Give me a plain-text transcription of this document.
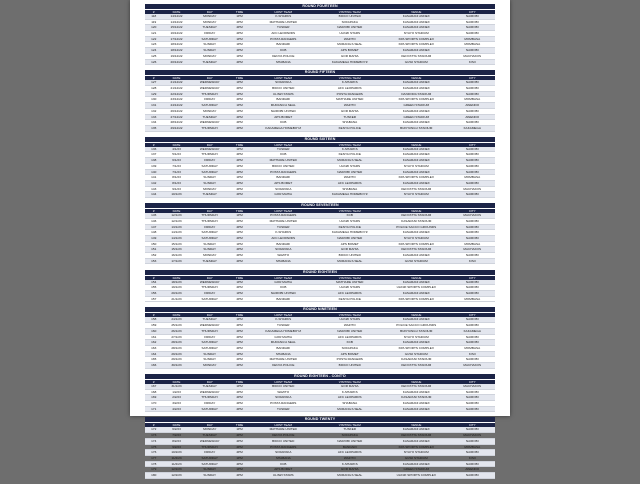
ROUND FOURTEEN
#	DATE	DAY	TIME	HOST TEAM	VISITING TEAM	VENUE	CITY
118	14/12/22	MONDAY	1PM	K-SHARKS	BIDCO UNITED	KASARANI ANNEX	NAIROBI
119	14/12/22	MONDAY	4PM	MATHARE UNITED	SOFAPAKA	KASARANI ANNEX	NAIROBI
120	15/12/22	TUESDAY	4PM	TUSKER	NAIROBI UNITED	KASARANI ANNEX	NAIROBI
121	16/12/22	FRIDAY	4PM	AFC LEOPARDS	ULINZI STARS	NYAYO STADIUM	NAIROBI
122	17/12/22	SATURDAY	1PM	POSTA RANGERS	WAZITO	KPA SPORTS COMPLEX	MOMBASA
123	18/12/22	SUNDAY	1PM	BANDARI	MURANG'A SEAL	KPA SPORTS COMPLEX	MOMBASA
124	18/12/22	SUNDAY	4PM	KCB	APS BOMET	KASARANI ANNEX	NAIROBI
125	19/12/22	MONDAY	1PM	KENYA POLICE	GOR MAHIA	KENYATTA STADIUM	MACHAKOS
126	20/12/22	TUESDAY	4PM	SHABANA	KAKAMEGA HOMEBOYZ	GUSII STADIUM	KISII
ROUND FIFTEEN
#	DATE	DAY	TIME	HOST TEAM	VISITING TEAM	VENUE	CITY
127	21/12/22	WEDNESDAY	1PM	SOFAPAKA	K-SHARKS	KASARANI ANNEX	NAIROBI
128	21/12/22	WEDNESDAY	4PM	BIDCO UNITED	AFC LEOPARDS	KASARANI ANNEX	NAIROBI
129	22/12/22	THURSDAY	1PM	ULINZI STARS	POSTA RANGERS	DANDORA STADIUM	NAIROBI
130	23/12/22	FRIDAY	4PM	BANDARI	MATHARE UNITED	KPA SPORTS COMPLEX	MOMBASA
131	24/12/22	SATURDAY	1PM	MURANG'A SEAL	WAZITO	GREEN STADIUM	AWENDO
132	26/12/22	MONDAY	1PM	NAIROBI UNITED	GOR MAHIA	KASARANI ANNEX	NAIROBI
133	27/12/22	TUESDAY	4PM	APS BOMET	TUSKER	GREEN STADIUM	AWENDO
134	28/12/22	WEDNESDAY	4PM	KCB	SHABANA	KASARANI ANNEX	NAIROBI
135	29/12/22	THURSDAY	4PM	KAKAMEGA HOMEBOYZ	KENYA POLICE	BUKHUNGU STADIUM	KAKAMEGA
ROUND SIXTEEN
#	DATE	DAY	TIME	HOST TEAM	VISITING TEAM	VENUE	CITY
136	4/1/23	WEDNESDAY	1PM	TUSKER	K-SHARKS	KASARANI ANNEX	NAIROBI
137	5/1/23	THURSDAY	4PM	KCB	KENYA POLICE	KASARANI ANNEX	NAIROBI
138	6/1/23	FRIDAY	4PM	MATHARE UNITED	MURANG'A SEAL	KASARANI ANNEX	NAIROBI
139	7/1/23	SATURDAY	1PM	BIDCO UNITED	ULINZI STARS	NYAYO STADIUM	NAIROBI
140	7/1/23	SATURDAY	4PM	POSTA RANGERS	NAIROBI UNITED	KASARANI ANNEX	NAIROBI
141	8/1/23	SUNDAY	1PM	BANDARI	WAZITO	KPA SPORTS COMPLEX	MOMBASA
142	8/1/23	SUNDAY	4PM	APS BOMET	AFC LEOPARDS	KASARANI ANNEX	NAIROBI
143	9/1/23	MONDAY	4PM	SOFAPAKA	SHABANA	KENYATTA STADIUM	MACHAKOS
144	10/1/23	TUESDAY	4PM	GOR MAHIA	KAKAMEGA HOMEBOYZ	NYAYO STADIUM	NAIROBI
ROUND SEVENTEEN
#	DATE	DAY	TIME	HOST TEAM	VISITING TEAM	VENUE	CITY
145	12/1/23	THURSDAY	1PM	POSTA RANGERS	KCB	KENYATTA STADIUM	MACHAKOS
146	12/1/23	THURSDAY	4PM	MATHARE UNITED	ULINZI STARS	KASARANI STADIUM	NAIROBI
147	13/1/23	FRIDAY	4PM	TUSKER	KENYA POLICE	POLICE SACCO GROUNDS	NAIROBI
148	14/1/23	SATURDAY	1PM	K-SHARKS	KAKAMEGA HOMEBOYZ	KASARANI ANNEX	NAIROBI
149	14/1/23	SATURDAY	4PM	AFC LEOPARDS	NAIROBI UNITED	NYAYO STADIUM	NAIROBI
150	15/1/23	SUNDAY	1PM	BANDARI	APS BOMET	KPA SPORTS COMPLEX	MOMBASA
151	15/1/23	SUNDAY	4PM	SOFAPAKA	GOR MAHIA	KENYATTA STADIUM	MACHAKOS
152	16/1/23	MONDAY	4PM	WAZITO	BIDCO UNITED	KASARANI ANNEX	NAIROBI
153	17/1/23	TUESDAY	4PM	SHABANA	MURANG'A SEAL	GUSII STADIUM	KISII
ROUND EIGHTEEN
#	DATE	DAY	TIME	HOST TEAM	VISITING TEAM	VENUE	CITY
154	18/1/23	WEDNESDAY	1PM	GOR MAHIA	MATHARE UNITED	KASARANI ANNEX	NAIROBI
155	19/1/23	THURSDAY	4PM	KCB	ULINZI STARS	ULINZI SPORTS COMPLEX	NAIROBI
156	20/1/23	FRIDAY	1PM	NAIROBI UNITED	AFC LEOPARDS	KASARANI ANNEX	NAIROBI
157	21/1/23	SATURDAY	4PM	BANDARI	KENYA POLICE	KPA SPORTS COMPLEX	MOMBASA
ROUND NINETEEN
#	DATE	DAY	TIME	HOST TEAM	VISITING TEAM	VENUE	CITY
158	24/1/23	TUESDAY	1PM	K-SHARKS	ULINZI STARS	KASARANI ANNEX	NAIROBI
159	25/1/23	WEDNESDAY	4PM	TUSKER	WAZITO	POLICE SACCO GROUNDS	NAIROBI
160	26/1/23	THURSDAY	4PM	KAKAMEGA HOMEBOYZ	NAIROBI UNITED	BUKHUNGU STADIUM	KAKAMEGA
161	27/1/23	FRIDAY	4PM	GOR MAHIA	AFC LEOPARDS	NYAYO STADIUM	NAIROBI
162	28/1/23	SATURDAY	1PM	MURANG'A SEAL	KCB	KASARANI ANNEX	NAIROBI
163	28/1/23	SATURDAY	4PM	BANDARI	SOFAPAKA	KPA SPORTS COMPLEX	MOMBASA
164	29/1/23	SUNDAY	1PM	SHABANA	APS BOMET	GUSII STADIUM	KISII
165	29/1/23	SUNDAY	4PM	MATHARE UNITED	POSTA RANGERS	KASARANI STADIUM	NAIROBI
166	30/1/23	MONDAY	4PM	KENYA POLICE	BIDCO UNITED	KENYATTA STADIUM	MACHAKOS
ROUND EIGHTEEN - CONT'D
#	DATE	DAY	TIME	HOST TEAM	VISITING TEAM	VENUE	CITY
167	31/1/23	TUESDAY	1PM	BIDCO UNITED	GOR MAHIA	KENYATTA STADIUM	MACHAKOS
168	1/2/23	WEDNESDAY	4PM	WAZITO	K-SHARKS	KASARANI ANNEX	NAIROBI
169	2/2/23	THURSDAY	4PM	SOFAPAKA	AFC LEOPARDS	KASARANI STADIUM	NAIROBI
170	3/2/23	FRIDAY	4PM	POSTA RANGERS	SHABANA	KASARANI ANNEX	NAIROBI
171	4/2/23	SATURDAY	4PM	TUSKER	MURANG'A SEAL	KASARANI ANNEX	NAIROBI
ROUND TWENTY
#	DATE	DAY	TIME	HOST TEAM	VISITING TEAM	VENUE	CITY
172	6/2/23	MONDAY	1PM	MATHARE UNITED	TUSKER	KASARANI ANNEX	NAIROBI
173	7/2/23	TUESDAY	4PM	KENYA POLICE	SOFAPAKA	KENYATTA STADIUM	MACHAKOS
174	8/2/23	WEDNESDAY	4PM	BIDCO UNITED	NAIROBI UNITED	KASARANI ANNEX	NAIROBI
175	9/2/23	THURSDAY	4PM	POSTA RANGERS	BANDARI	KPA SPORTS COMPLEX	MOMBASA
176	10/2/23	FRIDAY	4PM	SOFAPAKA	AFC LEOPARDS	NYAYO STADIUM	NAIROBI
177	11/2/23	SATURDAY	1PM	SHABANA	WAZITO	GUSII STADIUM	KISII
178	11/2/23	SATURDAY	4PM	KCB	K-SHARKS	KASARANI ANNEX	NAIROBI
179	12/2/23	SUNDAY	1PM	APS BOMET	GOR MAHIA	GREEN STADIUM	AWENDO
180	12/2/23	SUNDAY	4PM	ULINZI STARS	MURANG'A SEAL	ULINZI SPORTS COMPLEX	NAIROBI
